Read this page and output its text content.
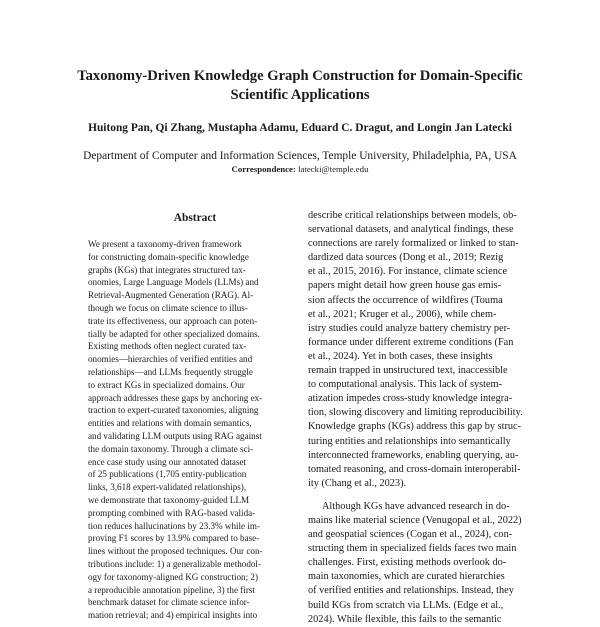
Taxonomy-Driven Knowledge Graph Construction for Domain-Specific
Scientific Applications
Huitong Pan, Qi Zhang, Mustapha Adamu, Eduard C. Dragut, and Longin Jan Latecki
Department of Computer and Information Sciences, Temple University, Philadelphia, PA, USA
Correspondence: latecki@temple.edu
Abstract
We present a taxonomy-driven framework
for constructing domain-specific knowledge
graphs (KGs) that integrates structured tax-
onomies, Large Language Models (LLMs) and
Retrieval-Augmented Generation (RAG). Al-
though we focus on climate science to illus-
trate its effectiveness, our approach can poten-
tially be adapted for other specialized domains.
Existing methods often neglect curated tax-
onomies—hierarchies of verified entities and
relationships—and LLMs frequently struggle
to extract KGs in specialized domains. Our
approach addresses these gaps by anchoring ex-
traction to expert-curated taxonomies, aligning
entities and relations with domain semantics,
and validating LLM outputs using RAG against
the domain taxonomy. Through a climate sci-
ence case study using our annotated dataset
of 25 publications (1,705 entity-publication
links, 3,618 expert-validated relationships),
we demonstrate that taxonomy-guided LLM
prompting combined with RAG-based valida-
tion reduces hallucinations by 23.3% while im-
proving F1 scores by 13.9% compared to base-
lines without the proposed techniques. Our con-
tributions include: 1) a generalizable methodol-
ogy for taxonomy-aligned KG construction; 2)
a reproducible annotation pipeline, 3) the first
benchmark dataset for climate science infor-
mation retrieval; and 4) empirical insights into
describe critical relationships between models, ob-
servational datasets, and analytical findings, these
connections are rarely formalized or linked to stan-
dardized data sources (Dong et al., 2019; Rezig
et al., 2015, 2016). For instance, climate science
papers might detail how green house gas emis-
sion affects the occurrence of wildfires (Touma
et al., 2021; Kruger et al., 2006), while chem-
istry studies could analyze battery chemistry per-
formance under different extreme conditions (Fan
et al., 2024). Yet in both cases, these insights
remain trapped in unstructured text, inaccessible
to computational analysis. This lack of system-
atization impedes cross-study knowledge integra-
tion, slowing discovery and limiting reproducibility.
Knowledge graphs (KGs) address this gap by struc-
turing entities and relationships into semantically
interconnected frameworks, enabling querying, au-
tomated reasoning, and cross-domain interoperabil-
ity (Chang et al., 2023).
Although KGs have advanced research in do-
mains like material science (Venugopal et al., 2022)
and geospatial sciences (Cogan et al., 2024), con-
structing them in specialized fields faces two main
challenges. First, existing methods overlook do-
main taxonomies, which are curated hierarchies
of verified entities and relationships. Instead, they
build KGs from scratch via LLMs. (Edge et al.,
2024). While flexible, this fails to the semantic
